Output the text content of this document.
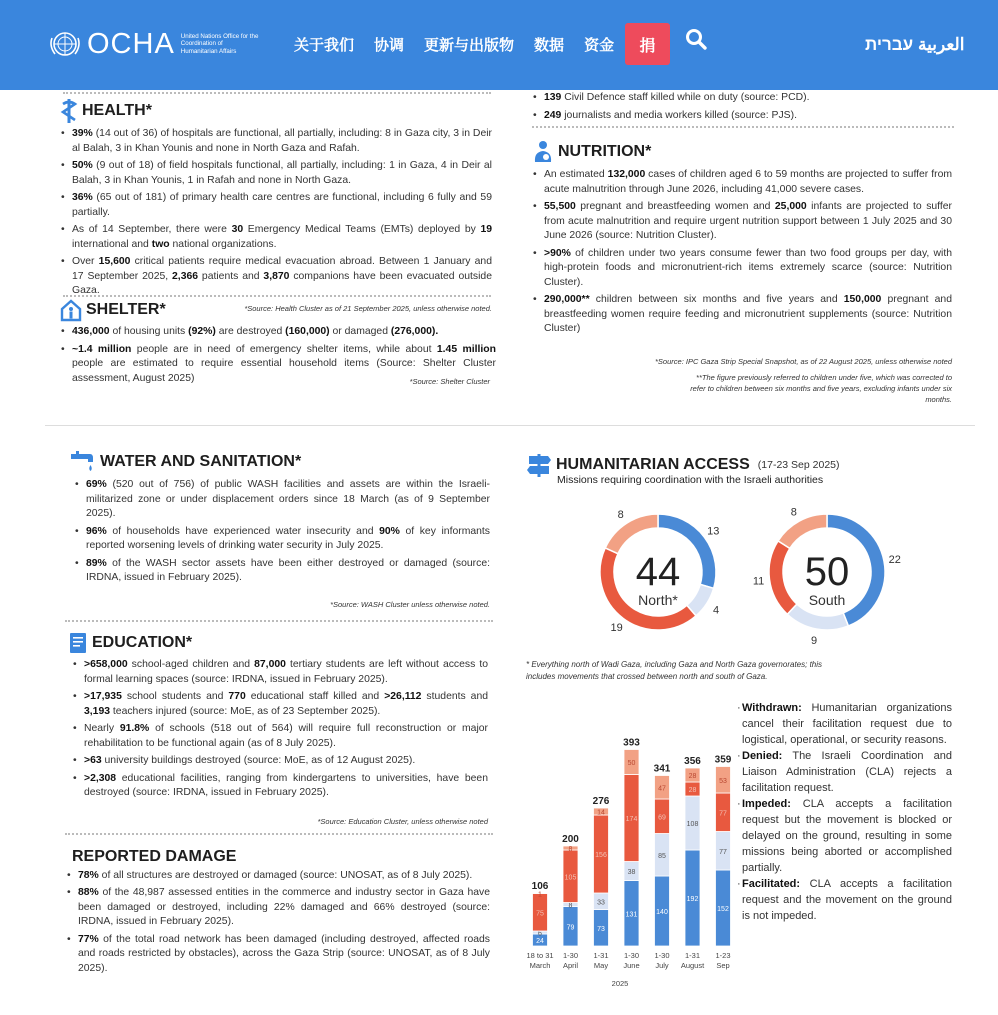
OCHA United Nations Office for the Coordination of Humanitarian Affairs	关于我们 协调 更新与出版物 数据 资金	捐	עברית العربية
HEALTH*
• 39% (14 out of 36) of hospitals are functional, all partially, including: 8 in Gaza city, 3 in Deir al Balah, 3 in Khan Younis and none in North Gaza and Rafah.
• 50% (9 out of 18) of field hospitals functional, all partially, including: 1 in Gaza, 4 in Deir al Balah, 3 in Khan Younis, 1 in Rafah and none in North Gaza.
• 36% (65 out of 181) of primary health care centres are functional, including 6 fully and 59 partially.
• As of 14 September, there were 30 Emergency Medical Teams (EMTs) deployed by 19 international and two national organizations.
• Over 15,600 critical patients require medical evacuation abroad. Between 1 January and 17 September 2025, 2,366 patients and 3,870 companions have been evacuated outside Gaza.
*Source: Health Cluster as of 21 September 2025, unless otherwise noted.
SHELTER*
• 436,000 of housing units (92%) are destroyed (160,000) or damaged (276,000).
• ~1.4 million people are in need of emergency shelter items, while about 1.45 million people are estimated to require essential household items (Source: Shelter Cluster assessment, August 2025)	*Source: Shelter Cluster
• 139 Civil Defence staff killed while on duty (source: PCD).
• 249 journalists and media workers killed (source: PJS).
NUTRITION*
• An estimated 132,000 cases of children aged 6 to 59 months are projected to suffer from acute malnutrition through June 2026, including 41,000 severe cases.
• 55,500 pregnant and breastfeeding women and 25,000 infants are projected to suffer from acute malnutrition and require urgent nutrition support between 1 July 2025 and 30 June 2026 (source: Nutrition Cluster).
• >90% of children under two years consume fewer than two food groups per day, with high-protein foods and micronutrient-rich items extremely scarce (source: Nutrition Cluster).
• 290,000** children between six months and five years and 150,000 pregnant and breastfeeding women require feeding and micronutrient supplements (source: Nutrition Cluster)
*Source: IPC Gaza Strip Special Snapshot, as of 22 August 2025, unless otherwise noted
**The figure previously referred to children under five, which was corrected to refer to children between six months and five years, excluding infants under six months.
WATER AND SANITATION*
• 69% (520 out of 756) of public WASH facilities and assets are within the Israeli-militarized zone or under displacement orders since 18 March (as of 9 September 2025).
• 96% of households have experienced water insecurity and 90% of key informants reported worsening levels of drinking water security in July 2025.
• 89% of the WASH sector assets have been either destroyed or damaged (source: IRDNA, issued in February 2025).
*Source: WASH Cluster unless otherwise noted.
EDUCATION*
• >658,000 school-aged children and 87,000 tertiary students are left without access to formal learning spaces (source: IRDNA, issued in February 2025).
• >17,935 school students and 770 educational staff killed and >26,112 students and 3,193 teachers injured (source: MoE, as of 23 September 2025).
• Nearly 91.8% of schools (518 out of 564) will require full reconstruction or major rehabilitation to be functional again (as of 8 July 2025).
• >63 university buildings destroyed (source: MoE, as of 12 August 2025).
• >2,308 educational facilities, ranging from kindergartens to universities, have been destroyed (source: IRDNA, issued in February 2025).
*Source: Education Cluster, unless otherwise noted
REPORTED DAMAGE
• 78% of all structures are destroyed or damaged (source: UNOSAT, as of 8 July 2025).
• 88% of the 48,987 assessed entities in the commerce and industry sector in Gaza have been damaged or destroyed, including 22% damaged and 66% destroyed (source: IRDNA, issued in February 2025).
• 77% of the total road network has been damaged (including destroyed, affected roads and roads restricted by obstacles), across the Gaza Strip (source: UNOSAT, as of 8 July 2025).
HUMANITARIAN ACCESS (17-23 Sep 2025)
Missions requiring coordination with the Israeli authorities
13
4
19
8
44
North*
22
9
11
8
50
South
* Everything north of Wadi Gaza, including Gaza and North Gaza governorates; this includes movements that crossed between north and south of Gaza.
24
6
75
1
106
18 to 31
March
79
8
105
8
200
1-30
April
73
33
156
14
276
1-31
May
131
38
174
50
393
1-30
June
140
85
69
47
341
1-30
July
192
108
28
28
356
1-31
August
152
77
77
53
359
1-23
Sep
2025
· Withdrawn: Humanitarian organizations cancel their facilitation request due to logistical, operational, or security reasons.
· Denied: The Israeli Coordination and Liaison Administration (CLA) rejects a facilitation request.
· Impeded: CLA accepts a facilitation request but the movement is blocked or delayed on the ground, resulting in some missions being aborted or accomplished partially.
· Facilitated: CLA accepts a facilitation request and the movement on the ground is not impeded.
